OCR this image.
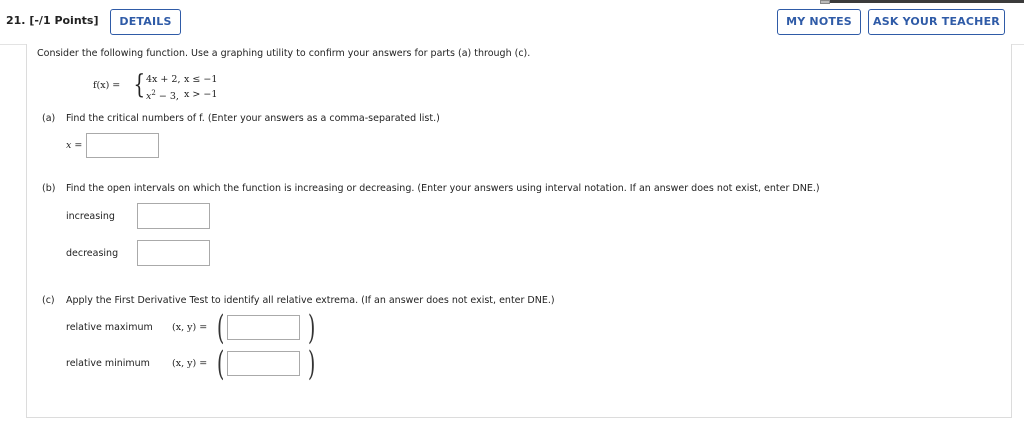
21. [-/1 Points]	DETAILS	MY NOTES	ASK YOUR TEACHER
Consider the following function. Use a graphing utility to confirm your answers for parts (a) through (c).
f(x) = { 4x + 2, x ≤ −1
$x^2 - 3$, x > −1
(a) Find the critical numbers of f. (Enter your answers as a comma-separated list.)
x =
(b) Find the open intervals on which the function is increasing or decreasing. (Enter your answers using interval notation. If an answer does not exist, enter DNE.)
increasing
decreasing
(c) Apply the First Derivative Test to identify all relative extrema. (If an answer does not exist, enter DNE.)
relative maximum (x, y) = ( )
relative minimum (x, y) = ( )
